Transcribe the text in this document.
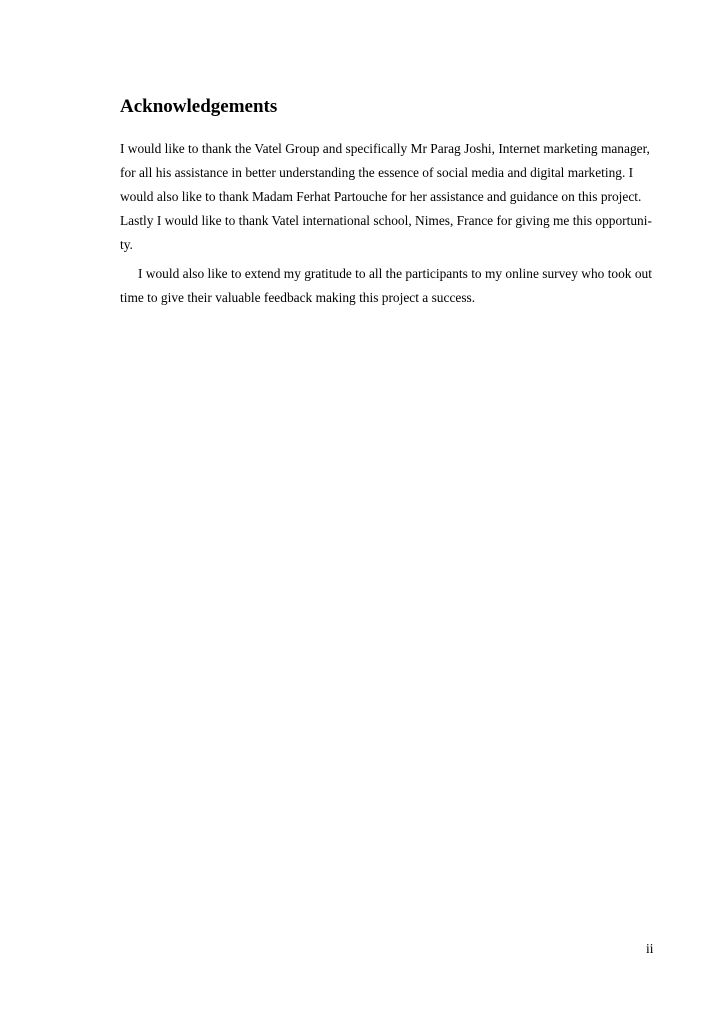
Acknowledgements

I would like to thank the Vatel Group and specifically Mr Parag Joshi, Internet marketing manager,

for all his assistance in better understanding the essence of social media and digital marketing. I

would also like to thank Madam Ferhat Partouche for her assistance and guidance on this project.

Lastly I would like to thank Vatel international school, Nimes, France for giving me this opportuni-

ty.

I would also like to extend my gratitude to all the participants to my online survey who took out

time to give their valuable feedback making this project a success.

ii
